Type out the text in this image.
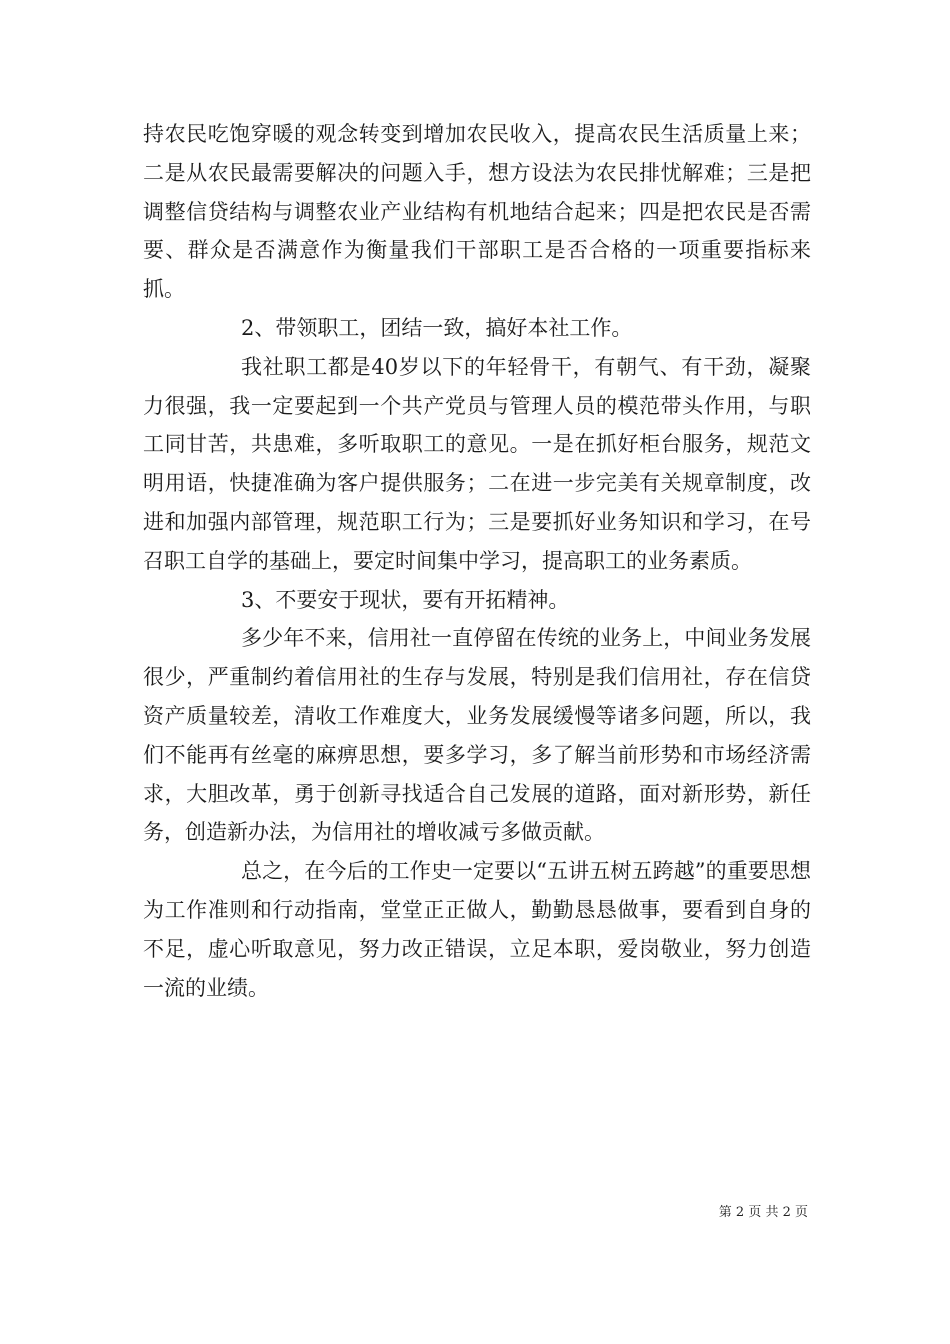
持农民吃饱穿暖的观念转变到增加农民收入，提高农民生活质量上来；二是从农民最需要解决的问题入手，想方设法为农民排忧解难；三是把调整信贷结构与调整农业产业结构有机地结合起来；四是把农民是否需要、群众是否满意作为衡量我们干部职工是否合格的一项重要指标来抓。

2、带领职工，团结一致，搞好本社工作。

我社职工都是40岁以下的年轻骨干，有朝气、有干劲，凝聚力很强，我一定要起到一个共产党员与管理人员的模范带头作用，与职工同甘苦，共患难，多听取职工的意见。一是在抓好柜台服务，规范文明用语，快捷准确为客户提供服务；二在进一步完美有关规章制度，改进和加强内部管理，规范职工行为；三是要抓好业务知识和学习，在号召职工自学的基础上，要定时间集中学习，提高职工的业务素质。

3、不要安于现状，要有开拓精神。

多少年不来，信用社一直停留在传统的业务上，中间业务发展很少，严重制约着信用社的生存与发展，特别是我们信用社，存在信贷资产质量较差，清收工作难度大，业务发展缓慢等诸多问题，所以，我们不能再有丝毫的麻痹思想，要多学习，多了解当前形势和市场经济需求，大胆改革，勇于创新寻找适合自己发展的道路，面对新形势，新任务，创造新办法，为信用社的增收减亏多做贡献。

总之，在今后的工作史一定要以“五讲五树五跨越”的重要思想为工作准则和行动指南，堂堂正正做人，勤勤恳恳做事，要看到自身的不足，虚心听取意见，努力改正错误，立足本职，爱岗敬业，努力创造一流的业绩。

第 2 页 共 2 页
